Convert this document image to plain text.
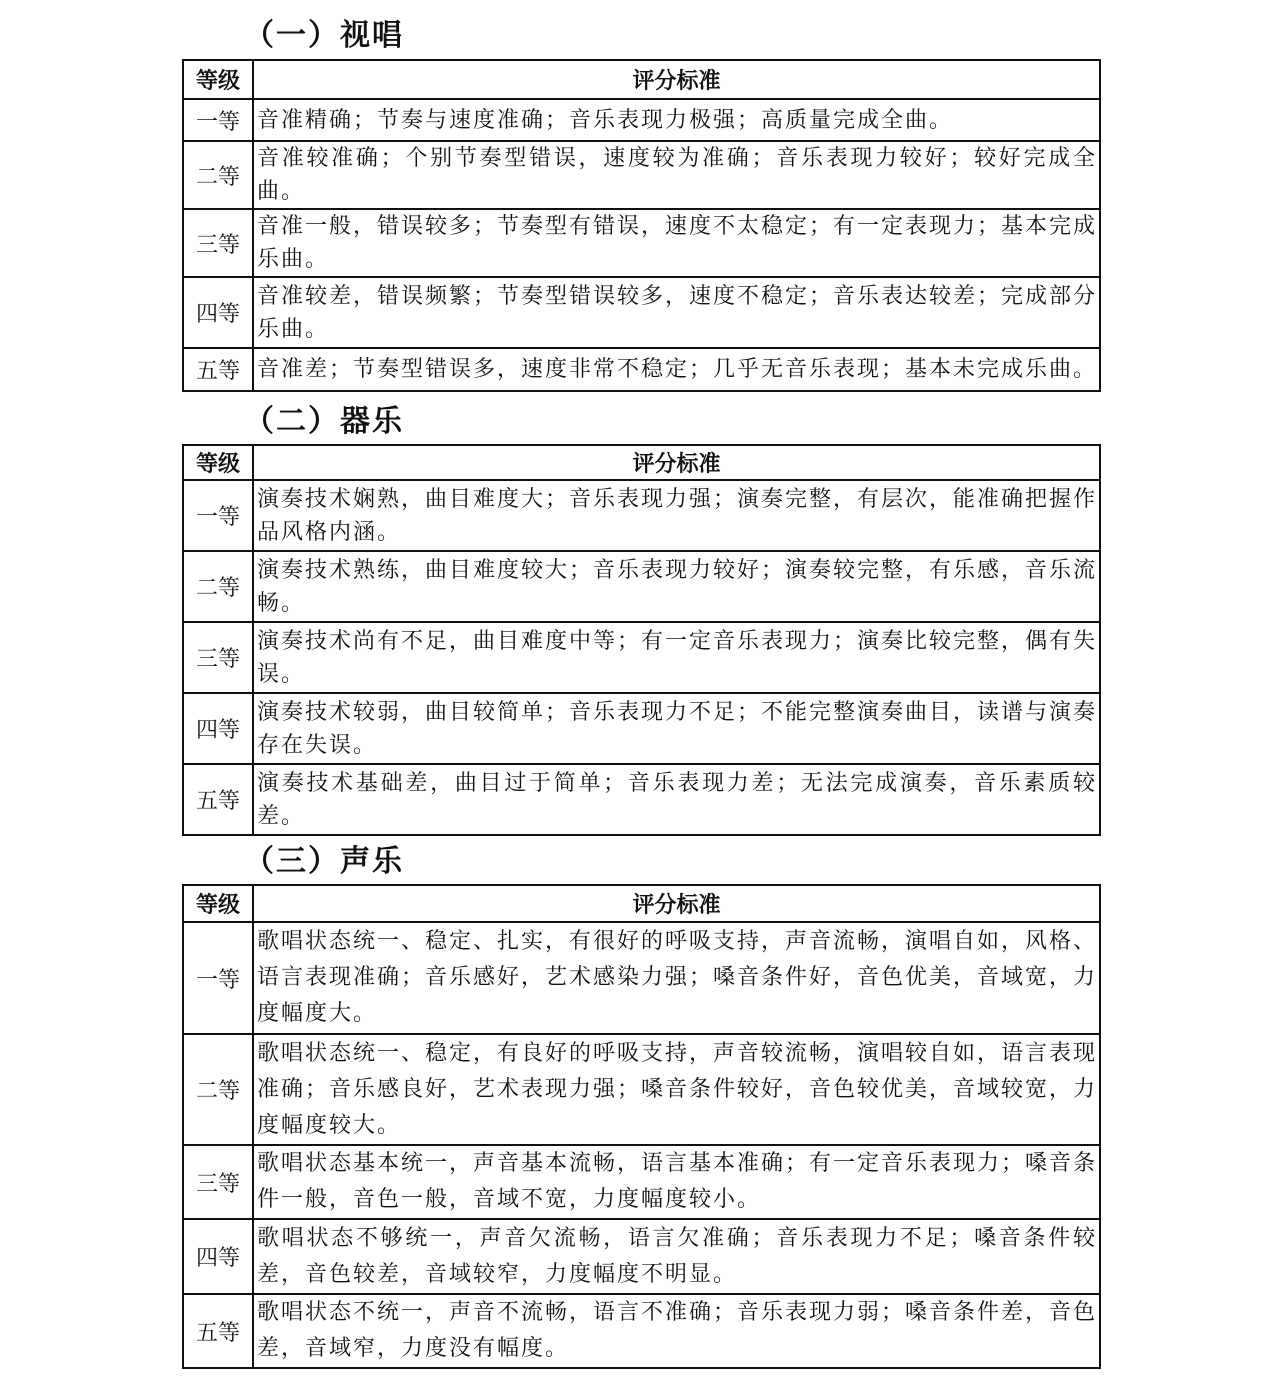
（一）视唱
等级	评分标准
一等	音准精确；节奏与速度准确；音乐表现力极强；高质量完成全曲。
二等	音准较准确；个别节奏型错误，速度较为准确；音乐表现力较好；较好完成全曲。
三等	音准一般，错误较多；节奏型有错误，速度不太稳定；有一定表现力；基本完成乐曲。
四等	音准较差，错误频繁；节奏型错误较多，速度不稳定；音乐表达较差；完成部分乐曲。
五等	音准差；节奏型错误多，速度非常不稳定；几乎无音乐表现；基本未完成乐曲。
（二）器乐
等级	评分标准
一等	演奏技术娴熟，曲目难度大；音乐表现力强；演奏完整，有层次，能准确把握作品风格内涵。
二等	演奏技术熟练，曲目难度较大；音乐表现力较好；演奏较完整，有乐感，音乐流畅。
三等	演奏技术尚有不足，曲目难度中等；有一定音乐表现力；演奏比较完整，偶有失误。
四等	演奏技术较弱，曲目较简单；音乐表现力不足；不能完整演奏曲目，读谱与演奏存在失误。
五等	演奏技术基础差，曲目过于简单；音乐表现力差；无法完成演奏，音乐素质较差。
（三）声乐
等级	评分标准
一等	歌唱状态统一、稳定、扎实，有很好的呼吸支持，声音流畅，演唱自如，风格、语言表现准确；音乐感好，艺术感染力强；嗓音条件好，音色优美，音域宽，力度幅度大。
二等	歌唱状态统一、稳定，有良好的呼吸支持，声音较流畅，演唱较自如，语言表现准确；音乐感良好，艺术表现力强；嗓音条件较好，音色较优美，音域较宽，力度幅度较大。
三等	歌唱状态基本统一，声音基本流畅，语言基本准确；有一定音乐表现力；嗓音条件一般，音色一般，音域不宽，力度幅度较小。
四等	歌唱状态不够统一，声音欠流畅，语言欠准确；音乐表现力不足；嗓音条件较差，音色较差，音域较窄，力度幅度不明显。
五等	歌唱状态不统一，声音不流畅，语言不准确；音乐表现力弱；嗓音条件差，音色差，音域窄，力度没有幅度。
